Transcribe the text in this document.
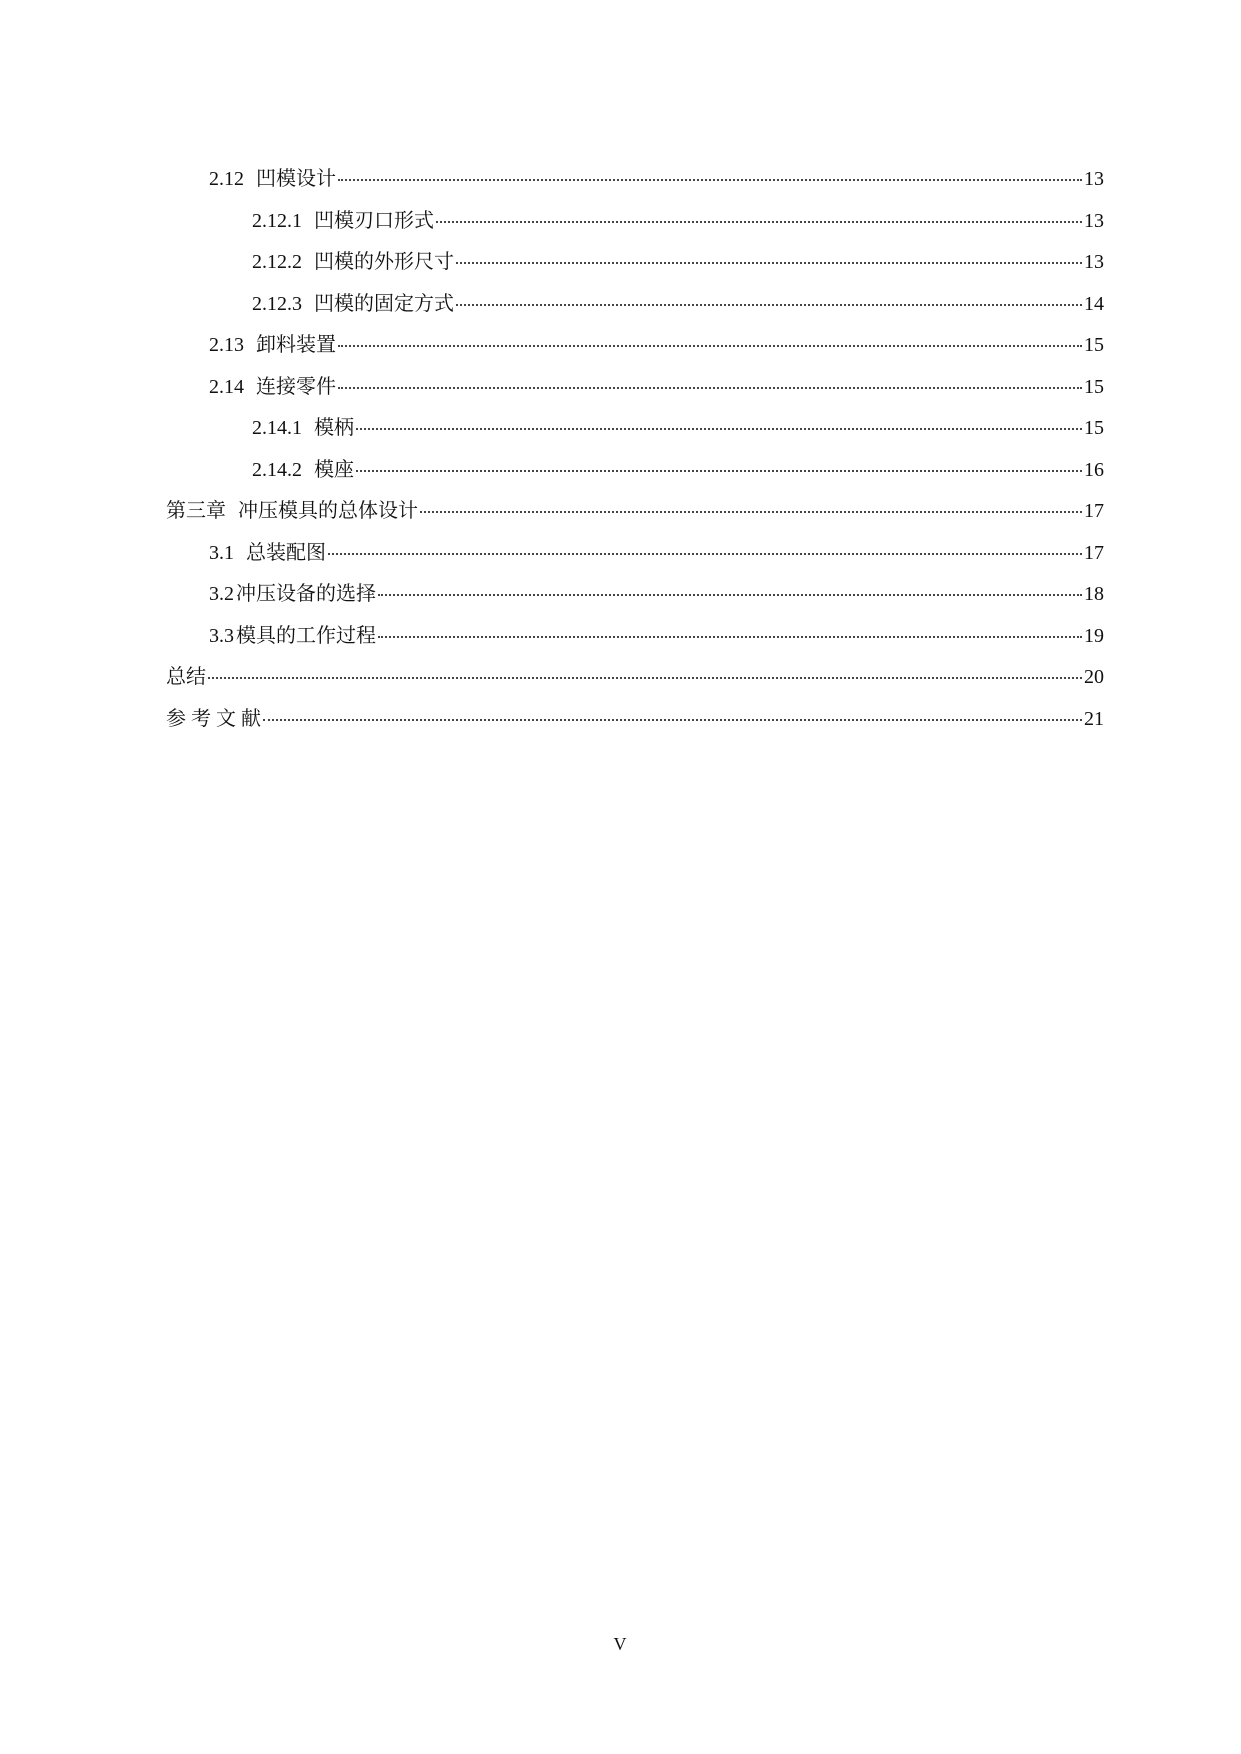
2.12 凹模设计	13
2.12.1 凹模刃口形式	13
2.12.2 凹模的外形尺寸	13
2.12.3 凹模的固定方式	14
2.13 卸料装置	15
2.14 连接零件	15
2.14.1 模柄	15
2.14.2 模座	16
第三章 冲压模具的总体设计	17
3.1 总装配图	17
3.2 冲压设备的选择	18
3.3 模具的工作过程	19
总结	20
参 考 文 献	21
V
